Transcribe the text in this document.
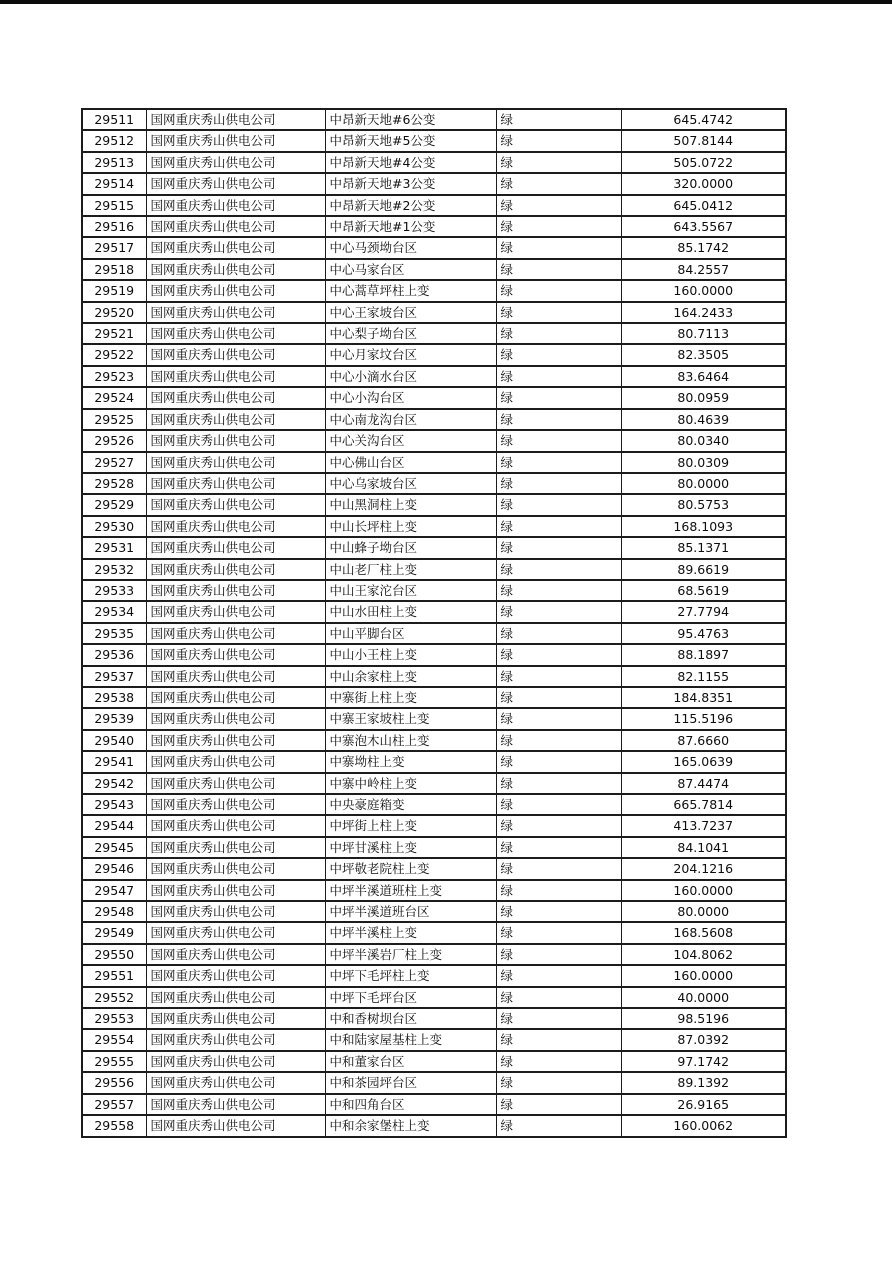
29511	国网重庆秀山供电公司	中昂新天地#6公变	绿	645.4742
29512	国网重庆秀山供电公司	中昂新天地#5公变	绿	507.8144
29513	国网重庆秀山供电公司	中昂新天地#4公变	绿	505.0722
29514	国网重庆秀山供电公司	中昂新天地#3公变	绿	320.0000
29515	国网重庆秀山供电公司	中昂新天地#2公变	绿	645.0412
29516	国网重庆秀山供电公司	中昂新天地#1公变	绿	643.5567
29517	国网重庆秀山供电公司	中心马颈坳台区	绿	85.1742
29518	国网重庆秀山供电公司	中心马家台区	绿	84.2557
29519	国网重庆秀山供电公司	中心蒿草坪柱上变	绿	160.0000
29520	国网重庆秀山供电公司	中心王家坡台区	绿	164.2433
29521	国网重庆秀山供电公司	中心梨子坳台区	绿	80.7113
29522	国网重庆秀山供电公司	中心月家坟台区	绿	82.3505
29523	国网重庆秀山供电公司	中心小滴水台区	绿	83.6464
29524	国网重庆秀山供电公司	中心小沟台区	绿	80.0959
29525	国网重庆秀山供电公司	中心南龙沟台区	绿	80.4639
29526	国网重庆秀山供电公司	中心关沟台区	绿	80.0340
29527	国网重庆秀山供电公司	中心佛山台区	绿	80.0309
29528	国网重庆秀山供电公司	中心乌家坡台区	绿	80.0000
29529	国网重庆秀山供电公司	中山黑洞柱上变	绿	80.5753
29530	国网重庆秀山供电公司	中山长坪柱上变	绿	168.1093
29531	国网重庆秀山供电公司	中山蜂子坳台区	绿	85.1371
29532	国网重庆秀山供电公司	中山老厂柱上变	绿	89.6619
29533	国网重庆秀山供电公司	中山王家沱台区	绿	68.5619
29534	国网重庆秀山供电公司	中山水田柱上变	绿	27.7794
29535	国网重庆秀山供电公司	中山平脚台区	绿	95.4763
29536	国网重庆秀山供电公司	中山小王柱上变	绿	88.1897
29537	国网重庆秀山供电公司	中山余家柱上变	绿	82.1155
29538	国网重庆秀山供电公司	中寨街上柱上变	绿	184.8351
29539	国网重庆秀山供电公司	中寨王家坡柱上变	绿	115.5196
29540	国网重庆秀山供电公司	中寨泡木山柱上变	绿	87.6660
29541	国网重庆秀山供电公司	中寨坳柱上变	绿	165.0639
29542	国网重庆秀山供电公司	中寨中岭柱上变	绿	87.4474
29543	国网重庆秀山供电公司	中央豪庭箱变	绿	665.7814
29544	国网重庆秀山供电公司	中坪街上柱上变	绿	413.7237
29545	国网重庆秀山供电公司	中坪甘溪柱上变	绿	84.1041
29546	国网重庆秀山供电公司	中坪敬老院柱上变	绿	204.1216
29547	国网重庆秀山供电公司	中坪半溪道班柱上变	绿	160.0000
29548	国网重庆秀山供电公司	中坪半溪道班台区	绿	80.0000
29549	国网重庆秀山供电公司	中坪半溪柱上变	绿	168.5608
29550	国网重庆秀山供电公司	中坪半溪岩厂柱上变	绿	104.8062
29551	国网重庆秀山供电公司	中坪下毛坪柱上变	绿	160.0000
29552	国网重庆秀山供电公司	中坪下毛坪台区	绿	40.0000
29553	国网重庆秀山供电公司	中和香树坝台区	绿	98.5196
29554	国网重庆秀山供电公司	中和陆家屋基柱上变	绿	87.0392
29555	国网重庆秀山供电公司	中和董家台区	绿	97.1742
29556	国网重庆秀山供电公司	中和茶园坪台区	绿	89.1392
29557	国网重庆秀山供电公司	中和四角台区	绿	26.9165
29558	国网重庆秀山供电公司	中和余家堡柱上变	绿	160.0062
